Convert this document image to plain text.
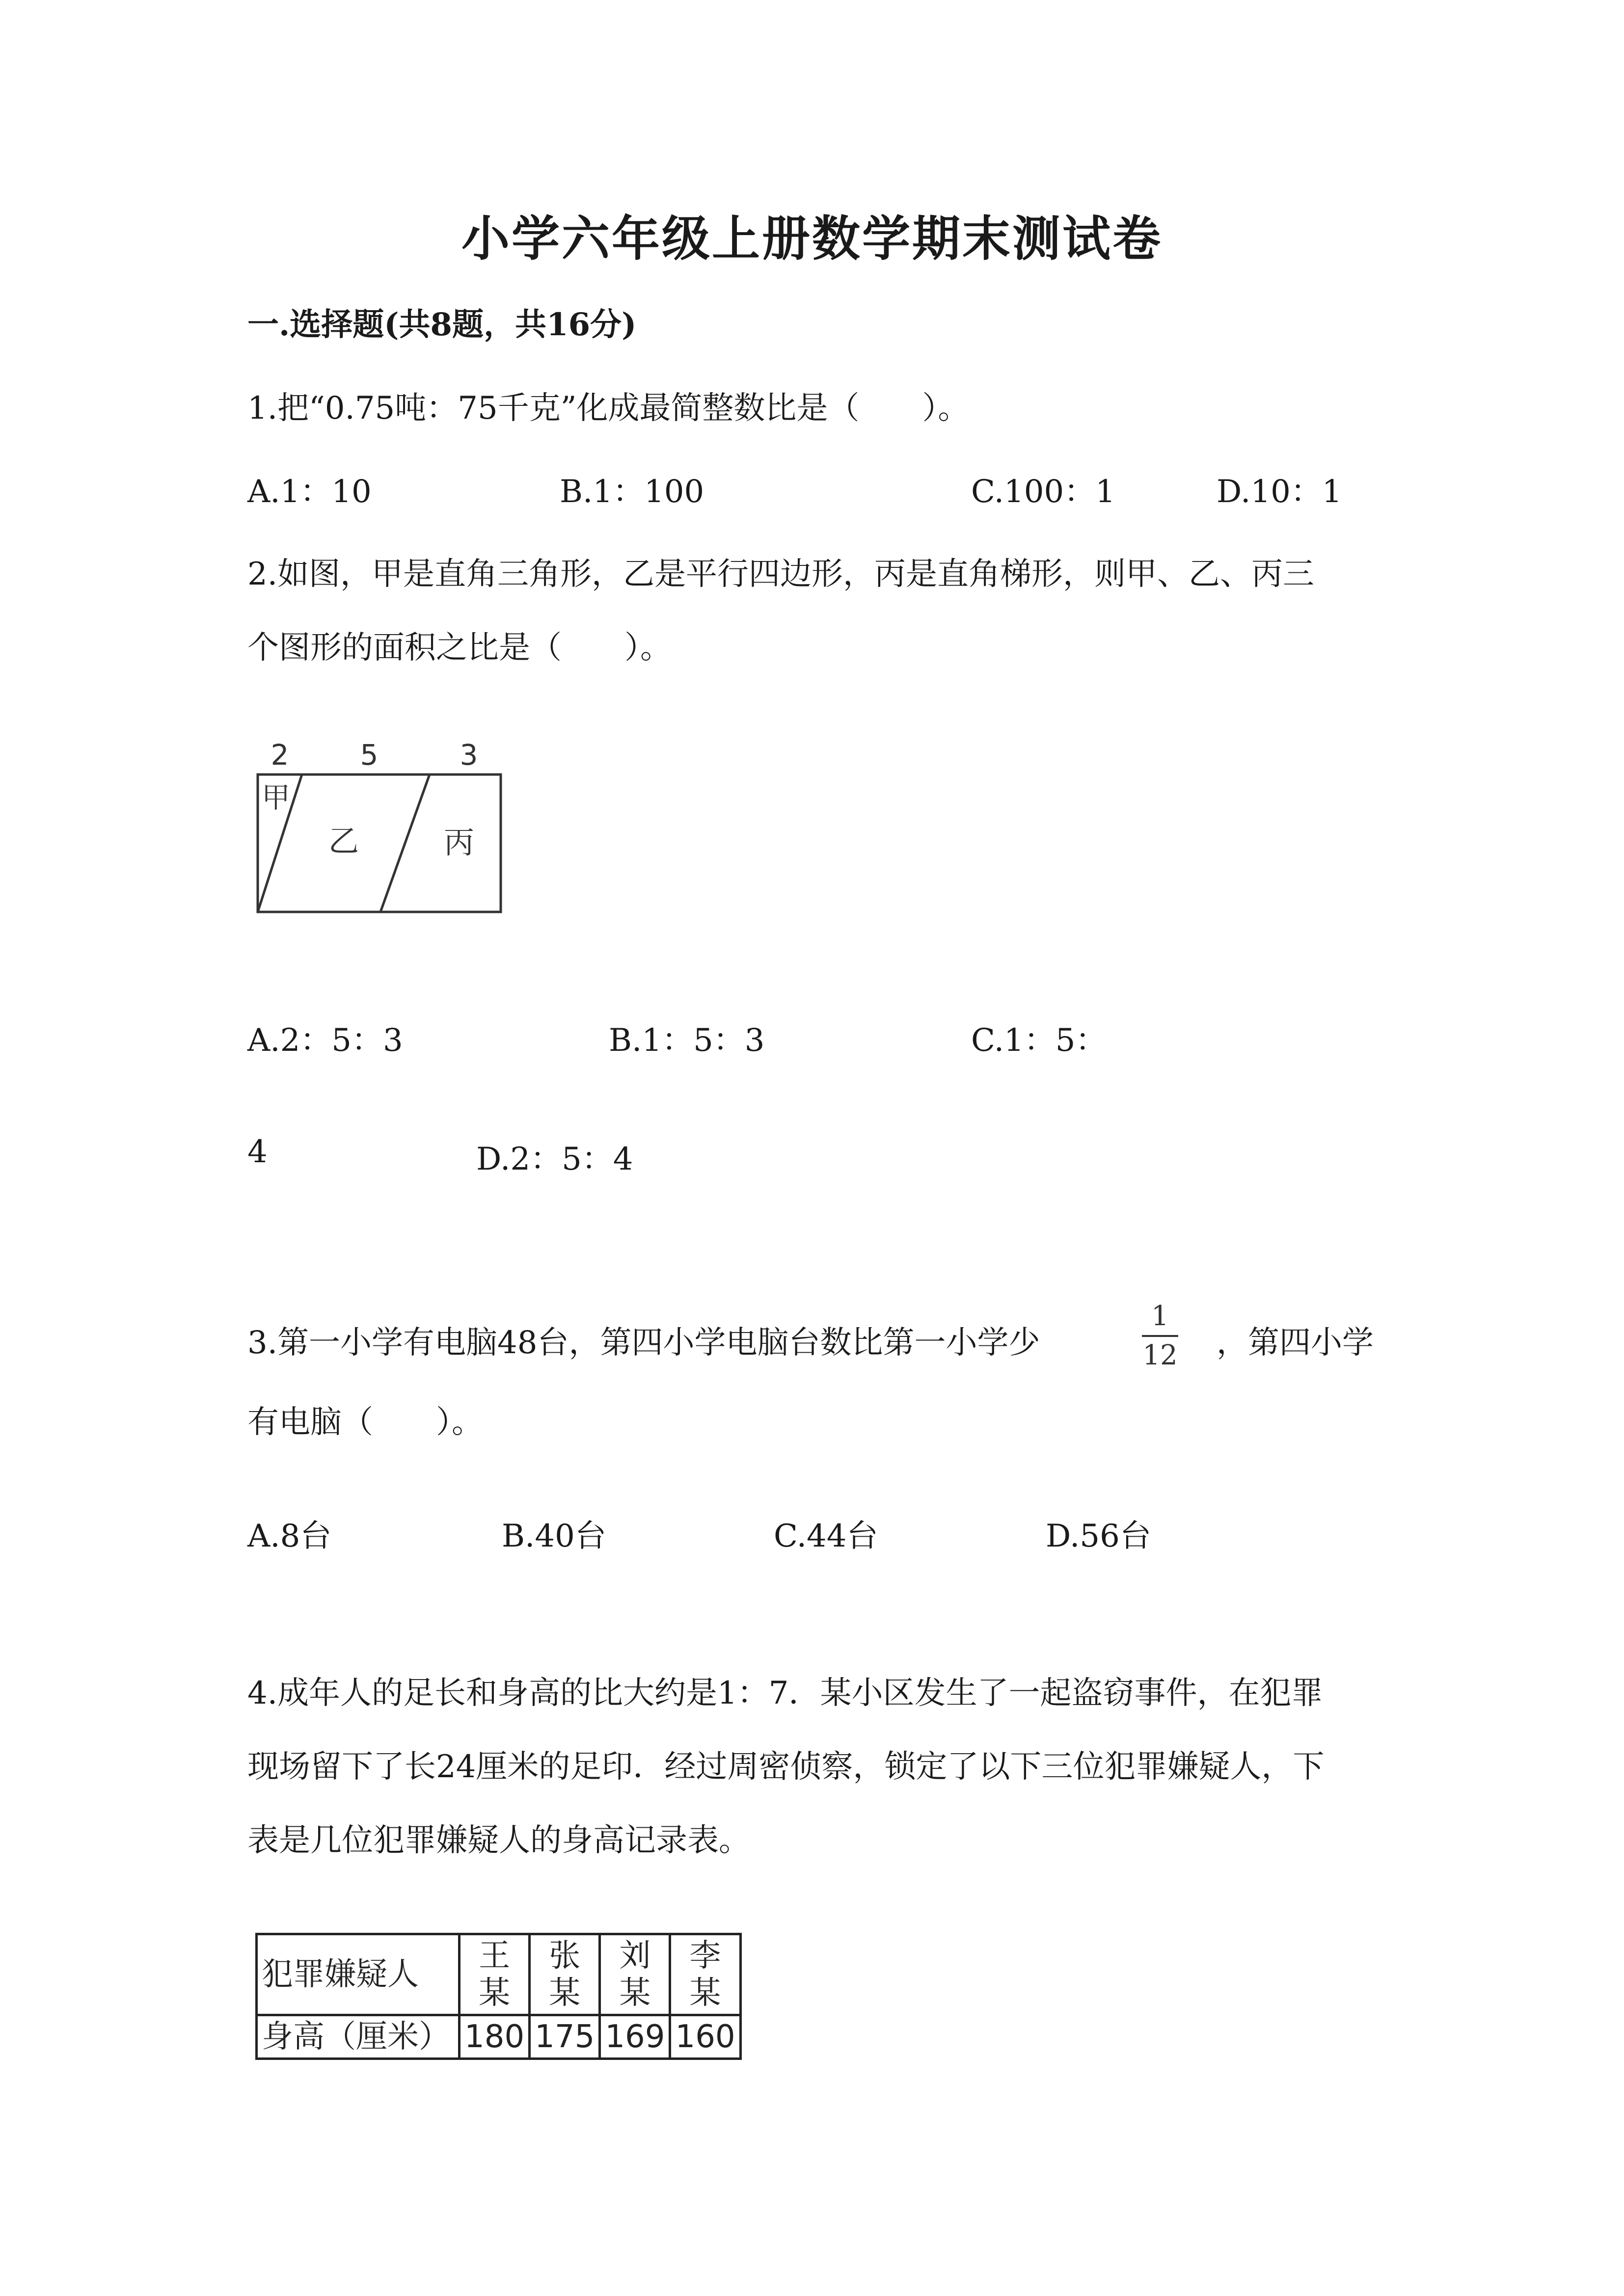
小学六年级上册数学期末测试卷
一.选择题(共8题，共16分)
1.把“0.75吨：75千克”化成最简整数比是（　　）。
A.1：10	B.1：100	C.100：1	D.10：1
2.如图，甲是直角三角形，乙是平行四边形，丙是直角梯形，则甲、乙、丙三
个图形的面积之比是（　　）。
2	5	3
甲
乙	丙
A.2：5：3	B.1：5：3	C.1：5：
4	D.2：5：4
3.第一小学有电脑48台，第四小学电脑台数比第一小学少
1
12 ，第四小学
有电脑（　　）。
A.8台	B.40台	C.44台	D.56台
4.成年人的足长和身高的比大约是1：7．某小区发生了一起盗窃事件，在犯罪
现场留下了长24厘米的足印．经过周密侦察，锁定了以下三位犯罪嫌疑人，下
表是几位犯罪嫌疑人的身高记录表。
犯罪嫌疑人	王某	张某	刘某	李某
身高（厘米）	180	175	169	160
